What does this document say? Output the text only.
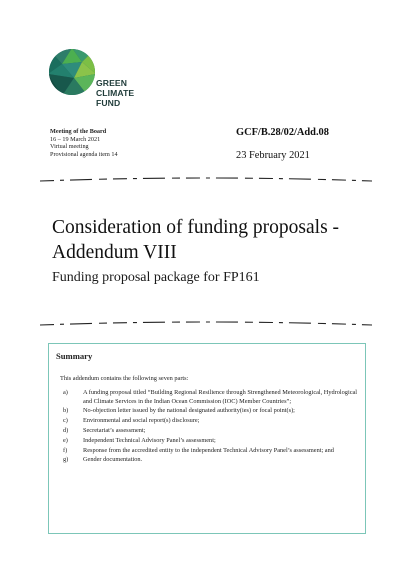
GREEN
CLIMATE
FUND
Meeting of the Board
16 – 19 March 2021
Virtual meeting
Provisional agenda item 14
GCF/B.28/02/Add.08
23 February 2021
Consideration of funding proposals - Addendum VIII
Funding proposal package for FP161
Summary
This addendum contains the following seven parts:
a) A funding proposal titled “Building Regional Resilience through Strengthened Meteorological, Hydrological and Climate Services in the Indian Ocean Commission (IOC) Member Countries”;
b) No-objection letter issued by the national designated authority(ies) or focal point(s);
c) Environmental and social report(s) disclosure;
d) Secretariat’s assessment;
e) Independent Technical Advisory Panel’s assessment;
f)	Response from the accredited entity to the independent Technical Advisory Panel’s assessment; and
g) Gender documentation.
